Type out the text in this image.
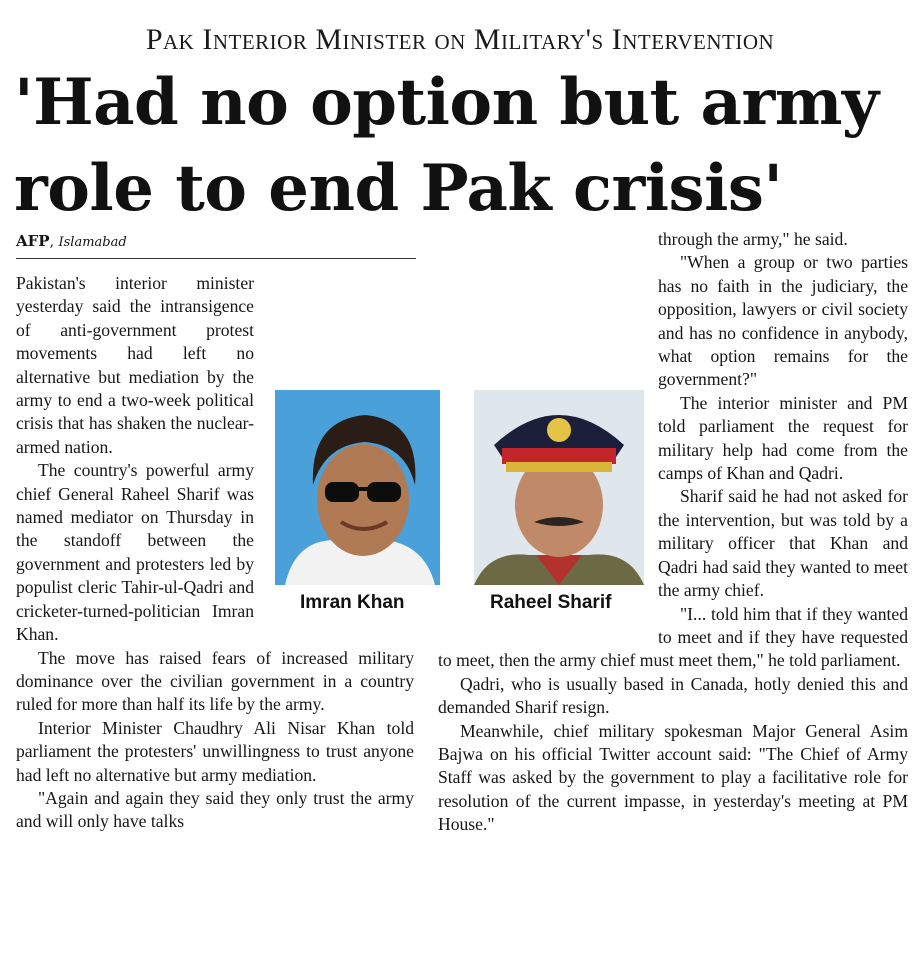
Pak Interior Minister on Military's Intervention
'Had no option but army role to end Pak crisis'
AFP, Islamabad
Imran Khan	Raheel Sharif

Pakistan's interior minister yesterday said the intransigence of anti-government protest movements had left no alternative but mediation by the army to end a two-week political crisis that has shaken the nuclear-armed nation.

The country's powerful army chief General Raheel Sharif was named mediator on Thursday in the standoff between the government and protesters led by populist cleric Tahir-ul-Qadri and cricketer-turned-politician Imran Khan.

The move has raised fears of increased military dominance over the civilian government in a country ruled for more than half its life by the army.

Interior Minister Chaudhry Ali Nisar Khan told parliament the protesters' unwillingness to trust anyone had left no alternative but army mediation.

"Again and again they said they only trust the army and will only have talks

through the army," he said.

"When a group or two parties has no faith in the judiciary, the opposition, lawyers or civil society and has no confidence in anybody, what option remains for the government?"

The interior minister and PM told parliament the request for military help had come from the camps of Khan and Qadri.

Sharif said he had not asked for the intervention, but was told by a military officer that Khan and Qadri had said they wanted to meet the army chief.

"I... told him that if they wanted to meet and if they have requested to meet, then the army chief must meet them," he told parliament.

Qadri, who is usually based in Canada, hotly denied this and demanded Sharif resign.

Meanwhile, chief military spokesman Major General Asim Bajwa on his official Twitter account said: "The Chief of Army Staff was asked by the government to play a facilitative role for resolution of the current impasse, in yesterday's meeting at PM House."
